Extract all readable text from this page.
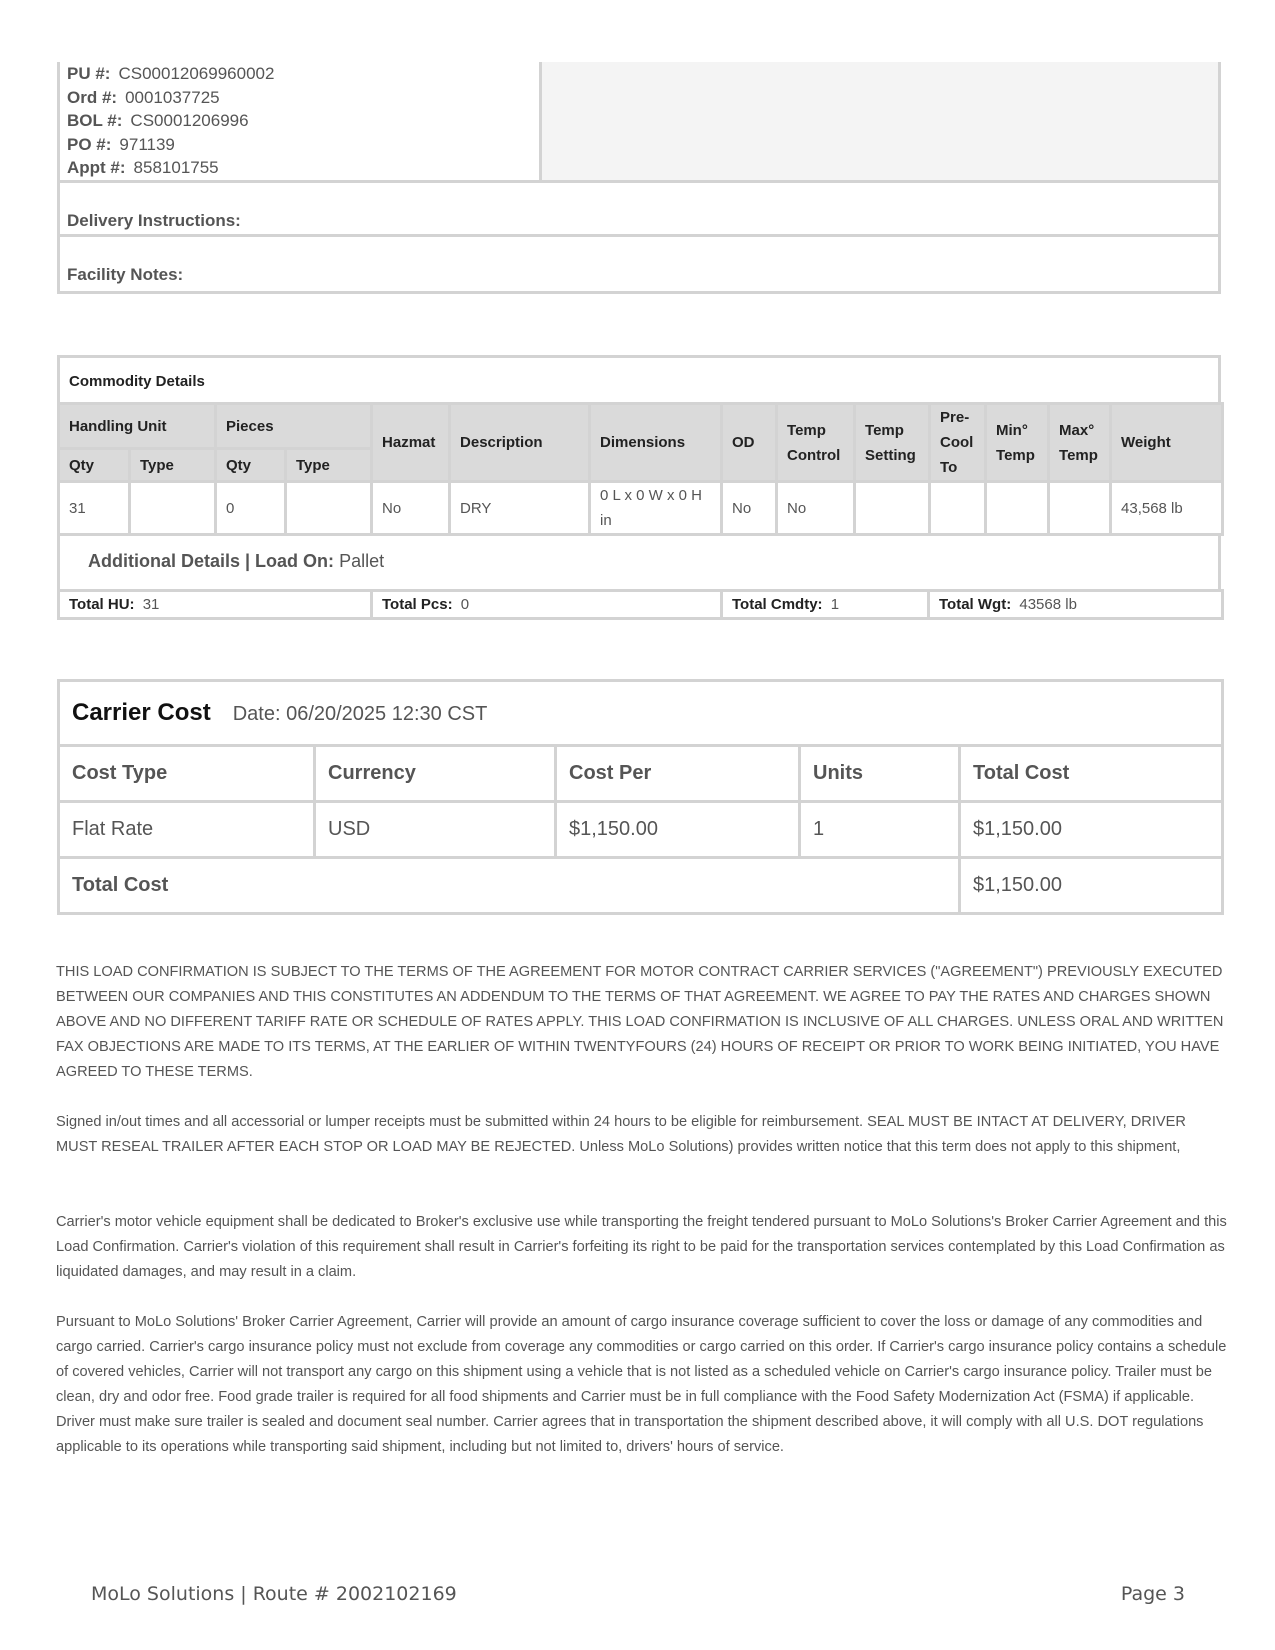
PU #: CS00012069960002
Ord #: 0001037725
BOL #: CS0001206996
PO #: 971139
Appt #: 858101755
Delivery Instructions:
Facility Notes:
Commodity Details
Handling Unit		Pieces		Hazmat	Description	Dimensions	OD	Temp Control	Temp Setting	Pre-Cool To	Min° Temp	Max° Temp	Weight
Qty	Type	Qty	Type										
31		0		No	DRY	0 L x 0 W x 0 H in	No	No					43,568 lb
Additional Details | Load On: Pallet
Total HU: 31	Total Pcs: 0	Total Cmdty: 1	Total Wgt: 43568 lb
Carrier Cost Date: 06/20/2025 12:30 CST				
Cost Type	Currency	Cost Per	Units	Total Cost
Flat Rate	USD	$1,150.00	1	$1,150.00
Total Cost				$1,150.00

THIS LOAD CONFIRMATION IS SUBJECT TO THE TERMS OF THE AGREEMENT FOR MOTOR CONTRACT CARRIER SERVICES ("AGREEMENT") PREVIOUSLY EXECUTED BETWEEN OUR COMPANIES AND THIS CONSTITUTES AN ADDENDUM TO THE TERMS OF THAT AGREEMENT. WE AGREE TO PAY THE RATES AND CHARGES SHOWN ABOVE AND NO DIFFERENT TARIFF RATE OR SCHEDULE OF RATES APPLY. THIS LOAD CONFIRMATION IS INCLUSIVE OF ALL CHARGES. UNLESS ORAL AND WRITTEN FAX OBJECTIONS ARE MADE TO ITS TERMS, AT THE EARLIER OF WITHIN TWENTYFOURS (24) HOURS OF RECEIPT OR PRIOR TO WORK BEING INITIATED, YOU HAVE AGREED TO THESE TERMS.

Signed in/out times and all accessorial or lumper receipts must be submitted within 24 hours to be eligible for reimbursement. SEAL MUST BE INTACT AT DELIVERY, DRIVER MUST RESEAL TRAILER AFTER EACH STOP OR LOAD MAY BE REJECTED. Unless MoLo Solutions) provides written notice that this term does not apply to this shipment,

Carrier's motor vehicle equipment shall be dedicated to Broker's exclusive use while transporting the freight tendered pursuant to MoLo Solutions's Broker Carrier Agreement and this Load Confirmation. Carrier's violation of this requirement shall result in Carrier's forfeiting its right to be paid for the transportation services contemplated by this Load Confirmation as liquidated damages, and may result in a claim.

Pursuant to MoLo Solutions' Broker Carrier Agreement, Carrier will provide an amount of cargo insurance coverage sufficient to cover the loss or damage of any commodities and cargo carried. Carrier's cargo insurance policy must not exclude from coverage any commodities or cargo carried on this order. If Carrier's cargo insurance policy contains a schedule of covered vehicles, Carrier will not transport any cargo on this shipment using a vehicle that is not listed as a scheduled vehicle on Carrier's cargo insurance policy. Trailer must be clean, dry and odor free. Food grade trailer is required for all food shipments and Carrier must be in full compliance with the Food Safety Modernization Act (FSMA) if applicable. Driver must make sure trailer is sealed and document seal number. Carrier agrees that in transportation the shipment described above, it will comply with all U.S. DOT regulations applicable to its operations while transporting said shipment, including but not limited to, drivers' hours of service.

MoLo Solutions | Route # 2002102169	Page 3
